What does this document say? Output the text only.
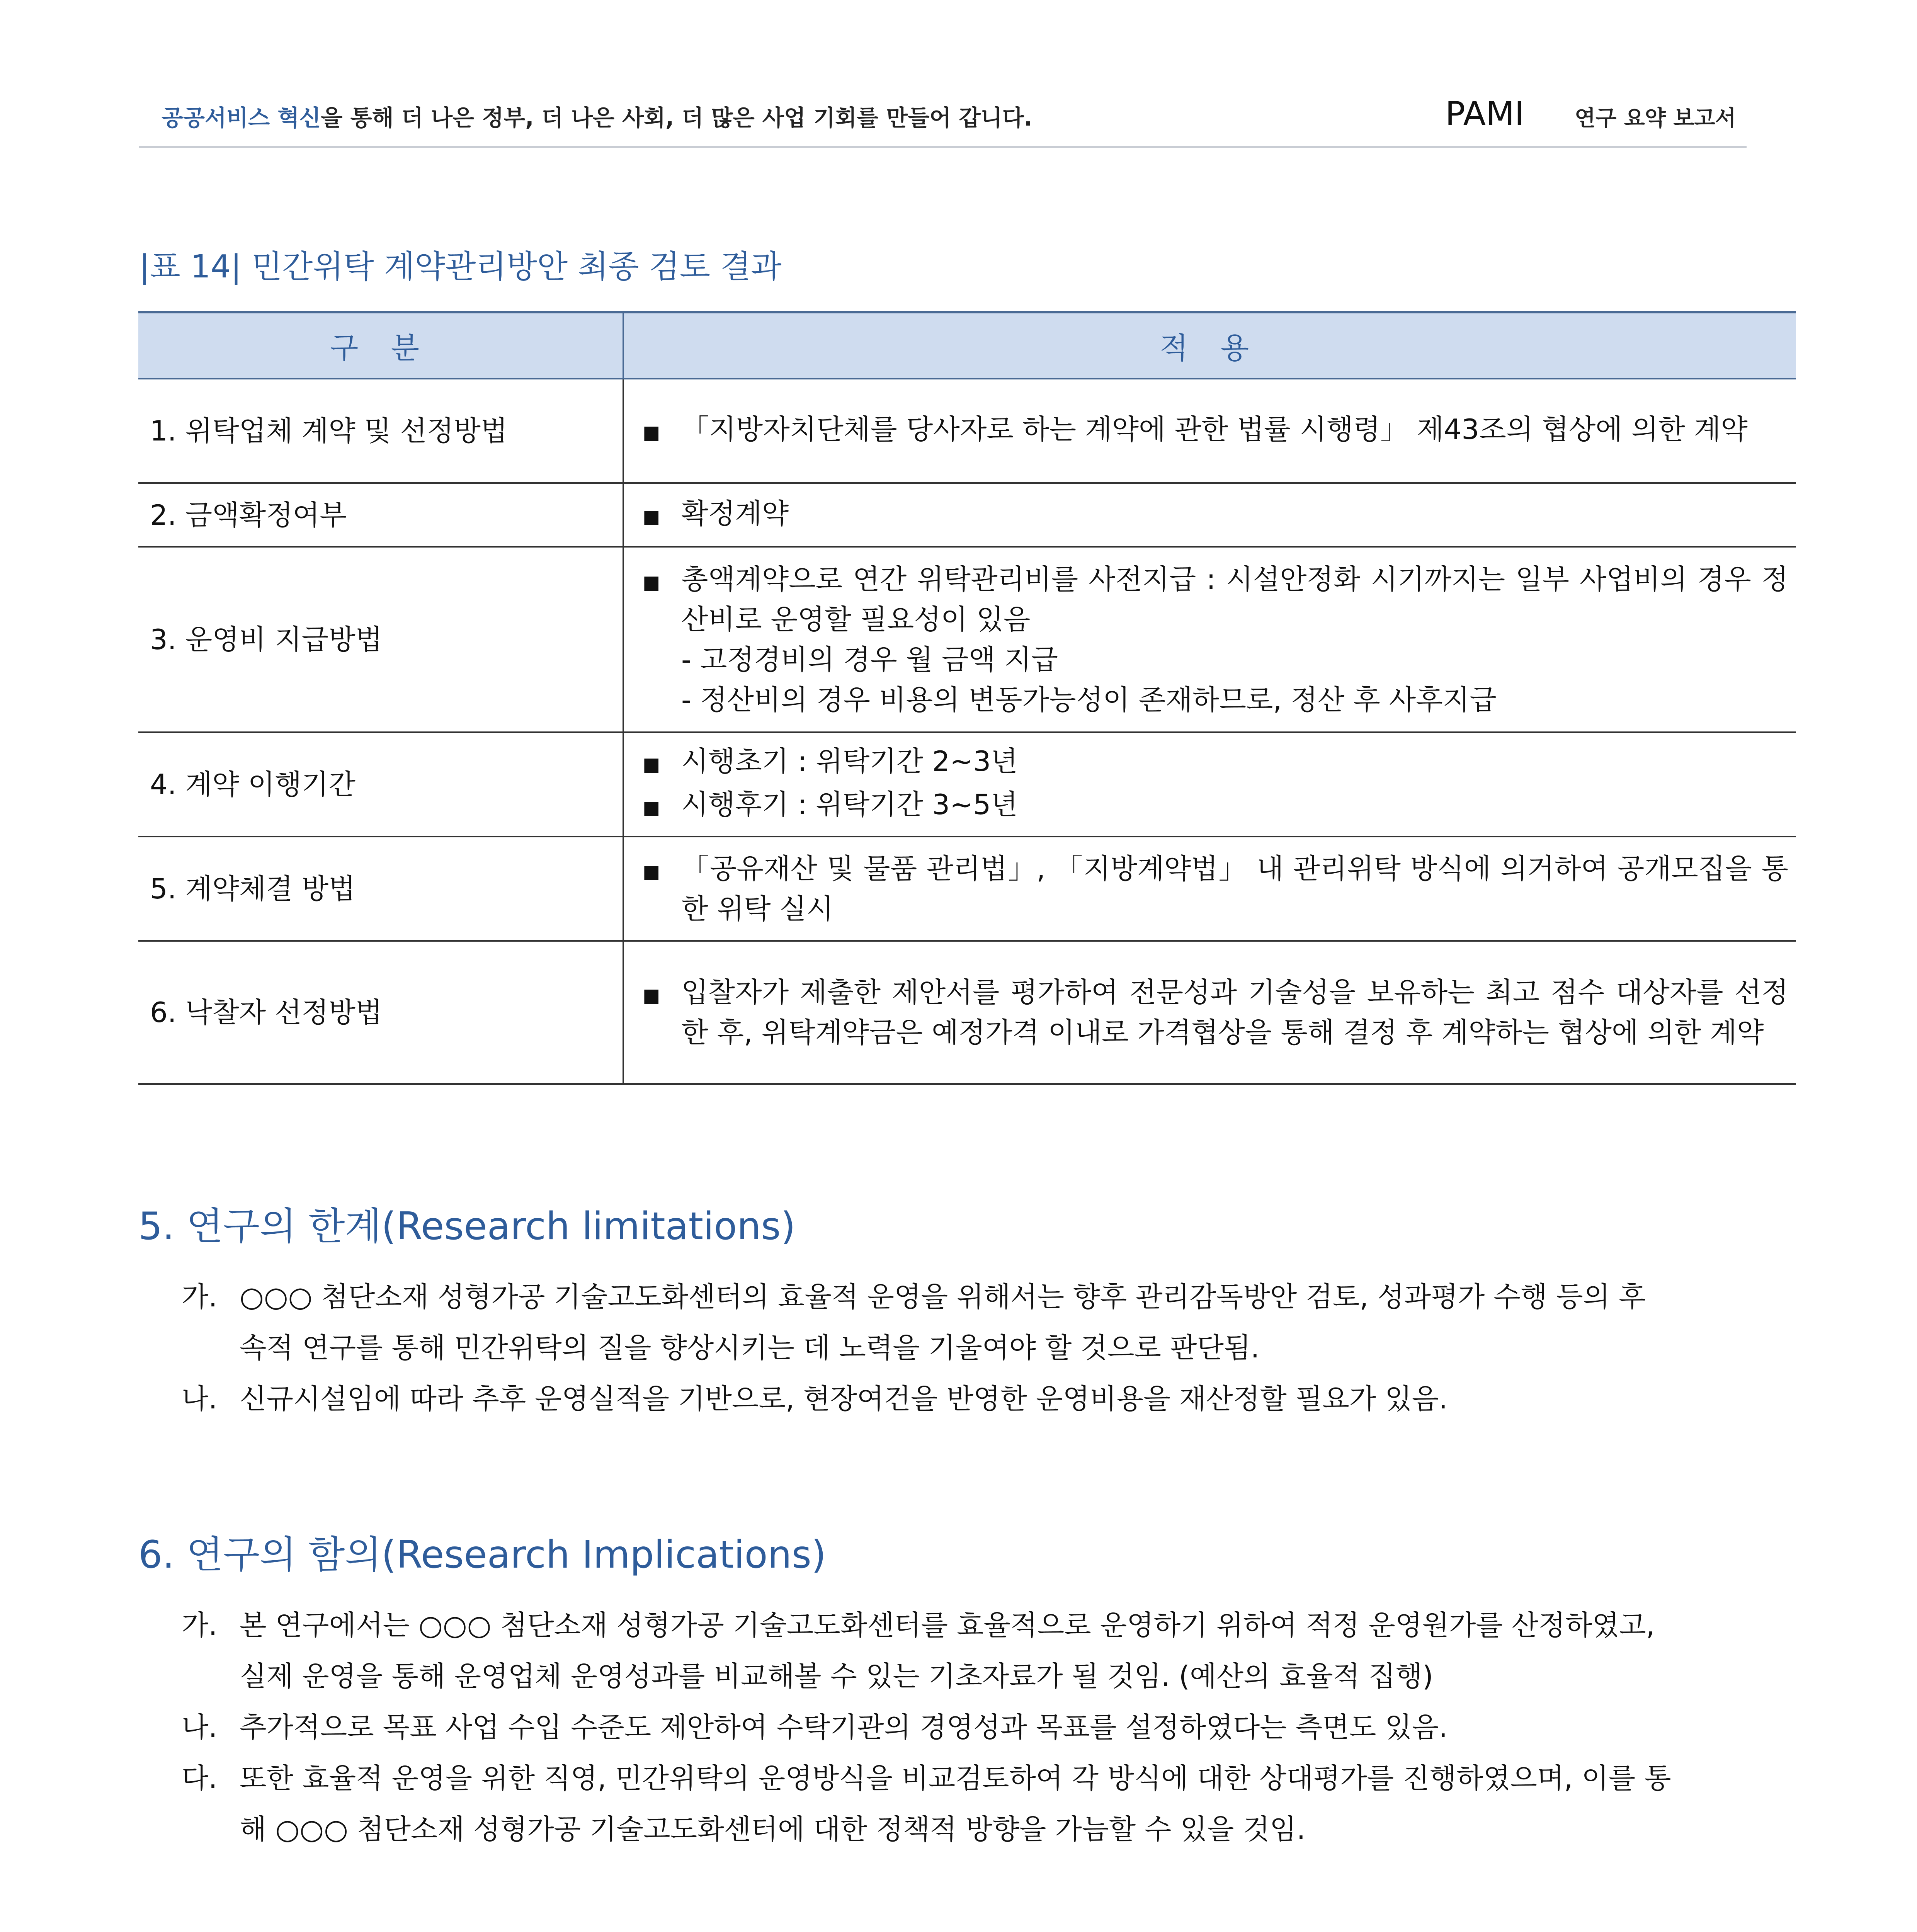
공공서비스 혁신을 통해 더 나은 정부, 더 나은 사회, 더 많은 사업 기회를 만들어 갑니다.	PAMI 연구 요약 보고서
|표 14| 민간위탁 계약관리방안 최종 검토 결과
구 분	적 용
1. 위탁업체 계약 및 선정방법	■ 「지방자치단체를 당사자로 하는 계약에 관한 법률 시행령」 제43조의 협상에 의한 계약

2. 금액확정여부	■ 확정계약

3. 운영비 지급방법	■ 총액계약으로 연간 위탁관리비를 사전지급 : 시설안정화 시기까지는 일부 사업비의 경우 정산비로 운영할 필요성이 있음
- 고정경비의 경우 월 금액 지급
- 정산비의 경우 비용의 변동가능성이 존재하므로, 정산 후 사후지급

4. 계약 이행기간	■ 시행초기 : 위탁기간 2~3년
■ 시행후기 : 위탁기간 3~5년

5. 계약체결 방법	■ 「공유재산 및 물품 관리법」, 「지방계약법」 내 관리위탁 방식에 의거하여 공개모집을 통한 위탁 실시

6. 낙찰자 선정방법	■ 입찰자가 제출한 제안서를 평가하여 전문성과 기술성을 보유하는 최고 점수 대상자를 선정한 후, 위탁계약금은 예정가격 이내로 가격협상을 통해 결정 후 계약하는 협상에 의한 계약
5. 연구의 한계(Research limitations)
가. ○○○ 첨단소재 성형가공 기술고도화센터의 효율적 운영을 위해서는 향후 관리감독방안 검토, 성과평가 수행 등의 후
속적 연구를 통해 민간위탁의 질을 향상시키는 데 노력을 기울여야 할 것으로 판단됨.
나. 신규시설임에 따라 추후 운영실적을 기반으로, 현장여건을 반영한 운영비용을 재산정할 필요가 있음.
6. 연구의 함의(Research Implications)
가. 본 연구에서는 ○○○ 첨단소재 성형가공 기술고도화센터를 효율적으로 운영하기 위하여 적정 운영원가를 산정하였고,
실제 운영을 통해 운영업체 운영성과를 비교해볼 수 있는 기초자료가 될 것임. (예산의 효율적 집행)
나. 추가적으로 목표 사업 수입 수준도 제안하여 수탁기관의 경영성과 목표를 설정하였다는 측면도 있음.
다. 또한 효율적 운영을 위한 직영, 민간위탁의 운영방식을 비교검토하여 각 방식에 대한 상대평가를 진행하였으며, 이를 통
해 ○○○ 첨단소재 성형가공 기술고도화센터에 대한 정책적 방향을 가늠할 수 있을 것임.
